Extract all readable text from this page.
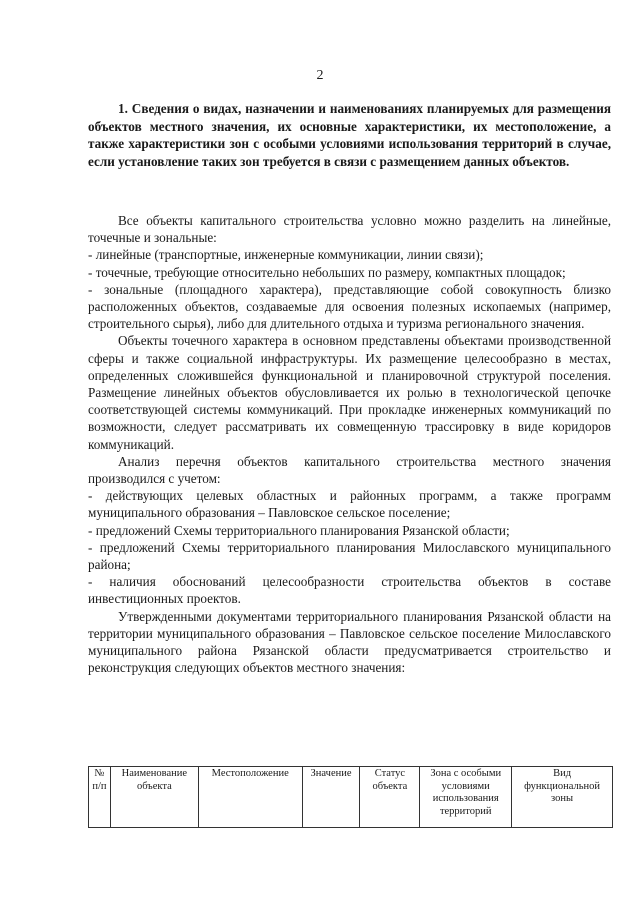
2
1. Сведения о видах, назначении и наименованиях планируемых для размещения объектов местного значения, их основные характеристики, их местоположение, а также характеристики зон с особыми условиями использования территорий в случае, если установление таких зон требуется в связи с размещением данных объектов.

Все объекты капитального строительства условно можно разделить на линейные, точечные и зональные:

- линейные (транспортные, инженерные коммуникации, линии связи);

- точечные, требующие относительно небольших по размеру, компактных площадок;

- зональные (площадного характера), представляющие собой совокупность близко расположенных объектов, создаваемые для освоения полезных ископаемых (например, строительного сырья), либо для длительного отдыха и туризма регионального значения.

Объекты точечного характера в основном представлены объектами производственной сферы и также социальной инфраструктуры. Их размещение целесообразно в местах, определенных сложившейся функциональной и планировочной структурой поселения. Размещение линейных объектов обусловливается их ролью в технологической цепочке соответствующей системы коммуникаций. При прокладке инженерных коммуникаций по возможности, следует рассматривать их совмещенную трассировку в виде коридоров коммуникаций.

Анализ перечня объектов капитального строительства местного значения производился с учетом:

- действующих целевых областных и районных программ, а также программ муниципального образования – Павловское сельское поселение;

- предложений Схемы территориального планирования Рязанской области;

- предложений Схемы территориального планирования Милославского муниципального района;

- наличия обоснований целесообразности строительства объектов в составе инвестиционных проектов.

Утвержденными документами территориального планирования Рязанской области на территории муниципального образования – Павловское сельское поселение Милославского муниципального района Рязанской области предусматривается строительство и реконструкция следующих объектов местного значения:

№ п/п	Наименование объекта	Местоположение	Значение	Статус объекта	Зона с особыми условиями использования территорий	Вид функциональной зоны
